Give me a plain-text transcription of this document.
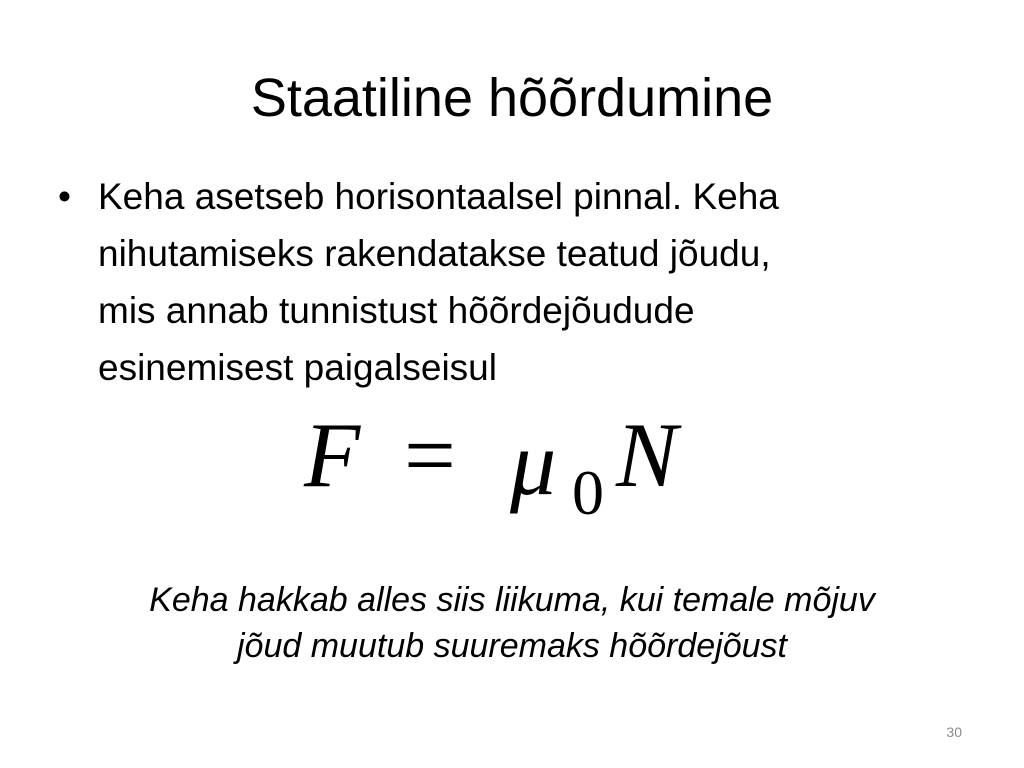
Staatiline hõõrdumine
• Keha asetseb horisontaalsel pinnal. Keha
nihutamiseks rakendatakse teatud jõudu,
mis annab tunnistust hõõrdejõudude
esinemisest paigalseisul
F = μ 0 N

Keha hakkab alles siis liikuma, kui temale mõjuv
jõud muutub suuremaks hõõrdejõust

30
